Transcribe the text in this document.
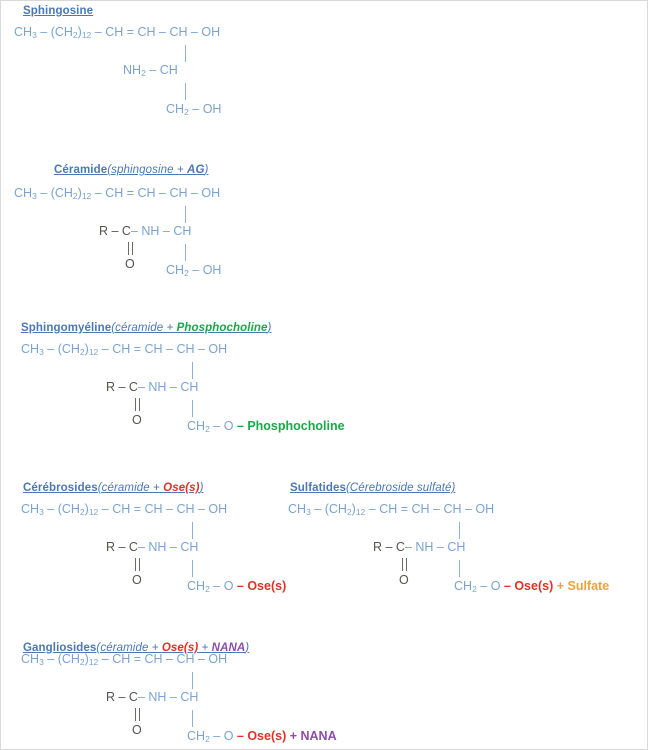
Sphingosine
$CH_3 - (CH_2)_{12}$ – CH = CH – CH – OH
$NH_2$ – CH
$CH_2$ – OH
Céramide(sphingosine + AG)
$CH_3 - (CH_2)_{12}$ – CH = CH – CH – OH
R – C– NH – CH
O	$CH_2$ – OH
Sphingomyéline(céramide + Phosphocholine)
$CH_3 - (CH_2)_{12}$ – CH = CH – CH – OH
R – C– NH – CH
O	$CH_2$ – O – Phosphocholine
Cérébrosides(céramide + Ose(s))
$CH_3 - (CH_2)_{12}$ – CH = CH – CH – OH
R – C– NH – CH
O	$CH_2$ – O – Ose(s)
Sulfatides(Cérebroside sulfaté)
$CH_3 - (CH_2)_{12}$ – CH = CH – CH – OH
R – C– NH – CH
O	$CH_2$ – O – Ose(s) + Sulfate
Gangliosides(céramide + Ose(s) + NANA)
$CH_3 - (CH_2)_{12}$ – CH = CH – CH – OH
R – C– NH – CH
O	$CH_2$ – O – Ose(s) + NANA
